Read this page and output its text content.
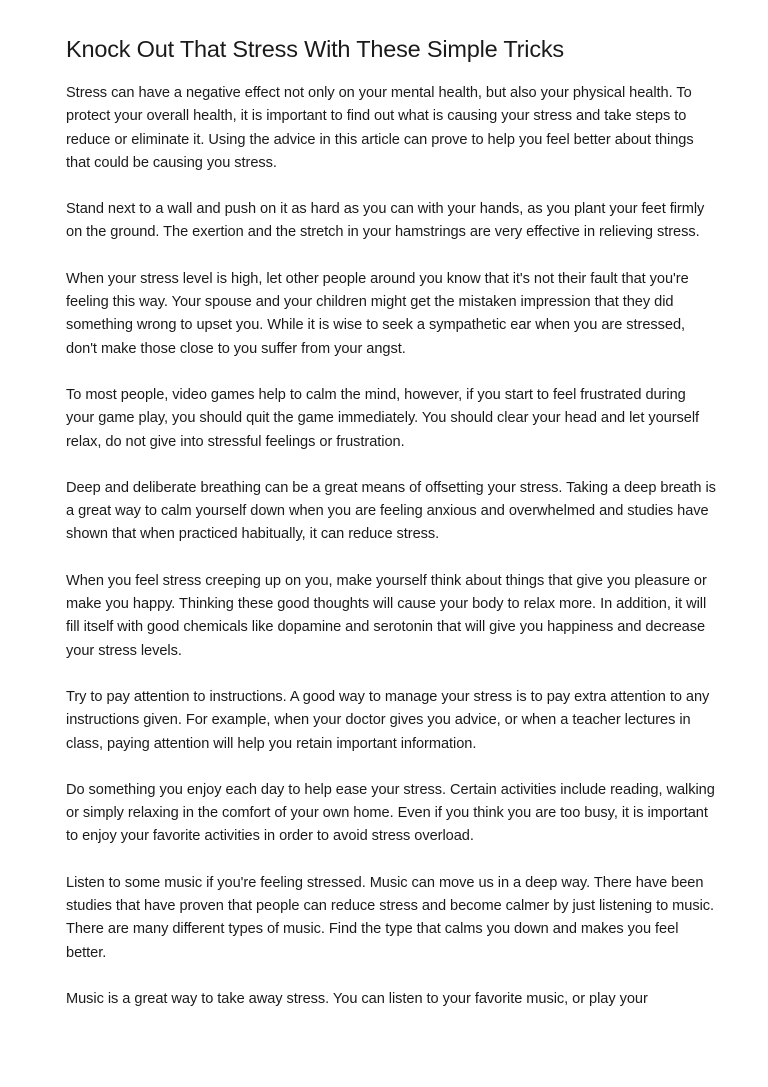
Knock Out That Stress With These Simple Tricks

Stress can have a negative effect not only on your mental health, but also your physical health. To protect your overall health, it is important to find out what is causing your stress and take steps to reduce or eliminate it. Using the advice in this article can prove to help you feel better about things that could be causing you stress.

Stand next to a wall and push on it as hard as you can with your hands, as you plant your feet firmly on the ground. The exertion and the stretch in your hamstrings are very effective in relieving stress.

When your stress level is high, let other people around you know that it's not their fault that you're feeling this way. Your spouse and your children might get the mistaken impression that they did something wrong to upset you. While it is wise to seek a sympathetic ear when you are stressed, don't make those close to you suffer from your angst.

To most people, video games help to calm the mind, however, if you start to feel frustrated during your game play, you should quit the game immediately. You should clear your head and let yourself relax, do not give into stressful feelings or frustration.

Deep and deliberate breathing can be a great means of offsetting your stress. Taking a deep breath is a great way to calm yourself down when you are feeling anxious and overwhelmed and studies have shown that when practiced habitually, it can reduce stress.

When you feel stress creeping up on you, make yourself think about things that give you pleasure or make you happy. Thinking these good thoughts will cause your body to relax more. In addition, it will fill itself with good chemicals like dopamine and serotonin that will give you happiness and decrease your stress levels.

Try to pay attention to instructions. A good way to manage your stress is to pay extra attention to any instructions given. For example, when your doctor gives you advice, or when a teacher lectures in class, paying attention will help you retain important information.

Do something you enjoy each day to help ease your stress. Certain activities include reading, walking or simply relaxing in the comfort of your own home. Even if you think you are too busy, it is important to enjoy your favorite activities in order to avoid stress overload.

Listen to some music if you're feeling stressed. Music can move us in a deep way. There have been studies that have proven that people can reduce stress and become calmer by just listening to music. There are many different types of music. Find the type that calms you down and makes you feel better.

Music is a great way to take away stress. You can listen to your favorite music, or play your
